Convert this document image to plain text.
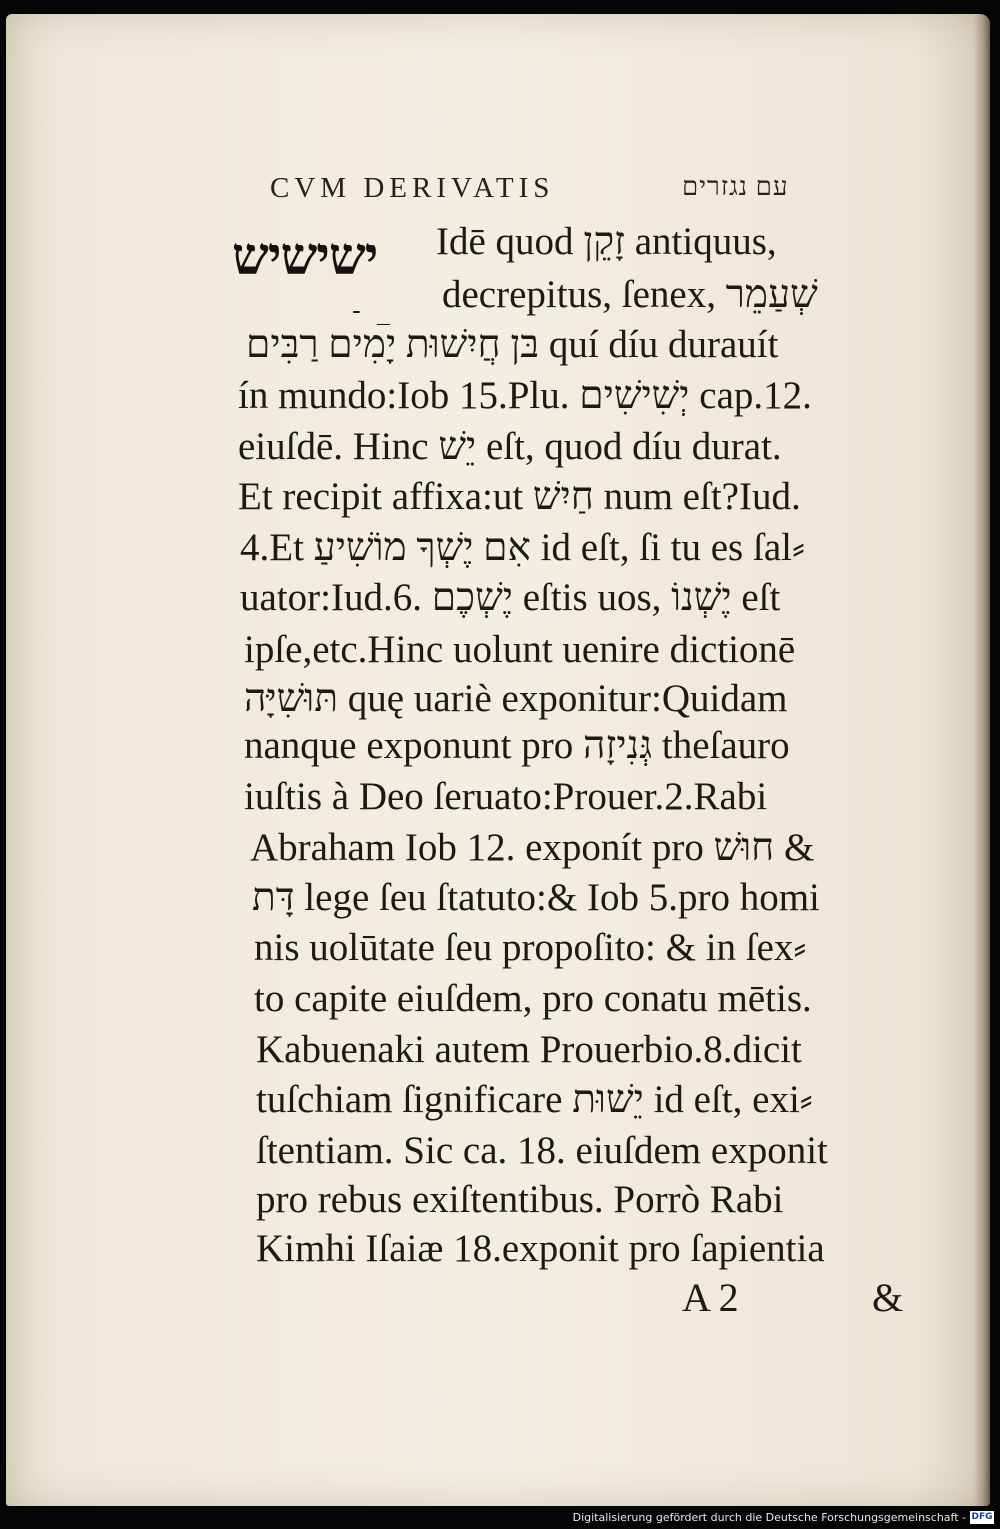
CVM DERIVATIS	עם נגזרים
ישישיש
- _
Idē quod זָקֵן antiquus,
decrepitus, ſenex, שְׁעַמֵר
בּן חֲיִשׁוּת יָמִים רַבִּים quí díu durauít
ín mundo:Iob 15.Plu. יְשִׁישִׁים cap.12.
eiuſdē. Hinc יֵשׁ eſt, quod díu durat.
Et recipit affixa:ut חַיִשׁ num eſt?Iud.
4.Et אִם יֶשְׁךָ מוֹשִׁיעַ id eſt, ſi tu es ſal⸗
uator:Iud.6. יֶשְׁכֶם eſtis uos, יֶשְׁנוֹ eſt
ipſe,etc.Hinc uolunt uenire dictionē
תּוּשִׁיָּה quę uariè exponitur:Quidam
nanque exponunt pro גְּנִיזָה theſauro
iuſtis à Deo ſeruato:Prouer.2.Rabi
Abraham Iob 12. exponít pro חוּשׁ &
דָּת lege ſeu ſtatuto:& Iob 5.pro homi
nis uolūtate ſeu propoſito: & in ſex⸗
to capite eiuſdem, pro conatu mētis.
Kabuenaki autem Prouerbio.8.dicit
tuſchiam ſignificare יֵשׁוּת id eſt, exi⸗
ſtentiam. Sic ca. 18. eiuſdem exponit
pro rebus exiſtentibus. Porrò Rabi
Kimhi Iſaiæ 18.exponit pro ſapientia
A 2	&
Digitalisierung gefördert durch die Deutsche Forschungsgemeinschaft - DFG
